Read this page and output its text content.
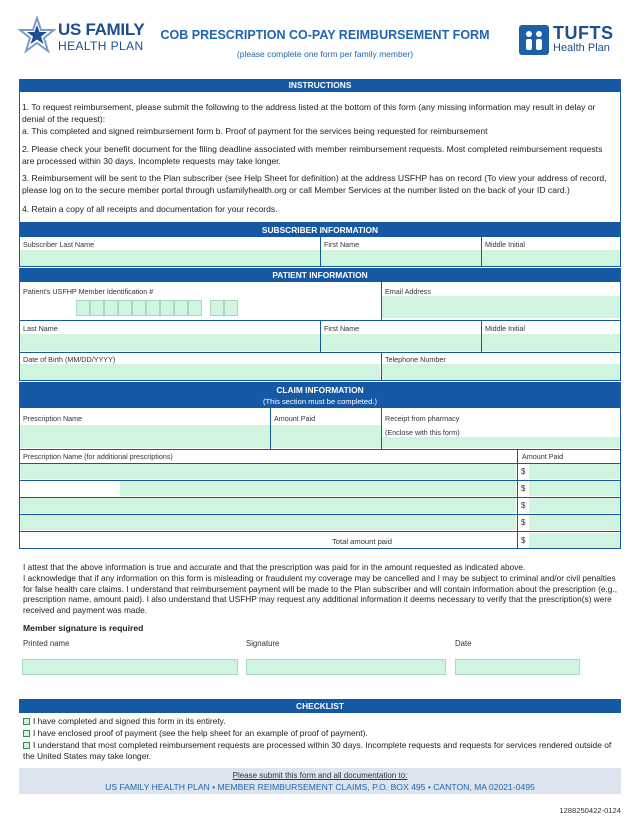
US FAMILY
HEALTH PLAN
COB PRESCRIPTION CO-PAY REIMBURSEMENT FORM
(please complete one form per family member)
TUFTS
Health Plan
INSTRUCTIONS
1. To request reimbursement, please submit the following to the address listed at the bottom of this form (any missing information may result in delay or denial of the request):
a. This completed and signed reimbursement form b. Proof of payment for the services being requested for reimbursement
2. Please check your benefit document for the filing deadline associated with member reimbursement requests. Most completed reimbursement requests are processed within 30 days. Incomplete requests may take longer.
3. Reimbursement will be sent to the Plan subscriber (see Help Sheet for definition) at the address USFHP has on record (To view your address of record, please log on to the secure member portal through usfamilyhealth.org or call Member Services at the number listed on the back of your ID card.)
4. Retain a copy of all receipts and documentation for your records.
SUBSCRIBER INFORMATION
Subscriber Last Name	First Name	Middle Initial
PATIENT INFORMATION
Patient's USFHP Member Identification #	Email Address
Last Name	First Name	Middle Initial
Date of Birth (MM/DD/YYYY)	Telephone Number
CLAIM INFORMATION
(This section must be completed.)
Prescription Name	Amount Paid	Receipt from pharmacy
(Enclose with this form)
Prescription Name (for additional prescriptions)	Amount Paid
$
$
$
$
$
Total amount paid
I attest that the above information is true and accurate and that the prescription was paid for in the amount requested as indicated above.
I acknowledge that if any information on this form is misleading or fraudulent my coverage may be cancelled and I may be subject to criminal and/or civil penalties for false health care claims. I understand that reimbursement payment will be made to the Plan subscriber and will contain information about the prescription (e.g., prescription name, amount paid). I also understand that USFHP may request any additional information it deems necessary to verify that the prescription(s) were received and payment was made.
Member signature is required
Printed name	Signature	Date
CHECKLIST
I have completed and signed this form in its entirety.
I have enclosed proof of payment (see the help sheet for an example of proof of payment).
I understand that most completed reimbursement requests are processed within 30 days. Incomplete requests and requests for services rendered outside of the United States may take longer.
Please submit this form and all documentation to:
US FAMILY HEALTH PLAN • MEMBER REIMBURSEMENT CLAIMS, P.O. BOX 495 • CANTON, MA 02021-0495
1288250422-0124
